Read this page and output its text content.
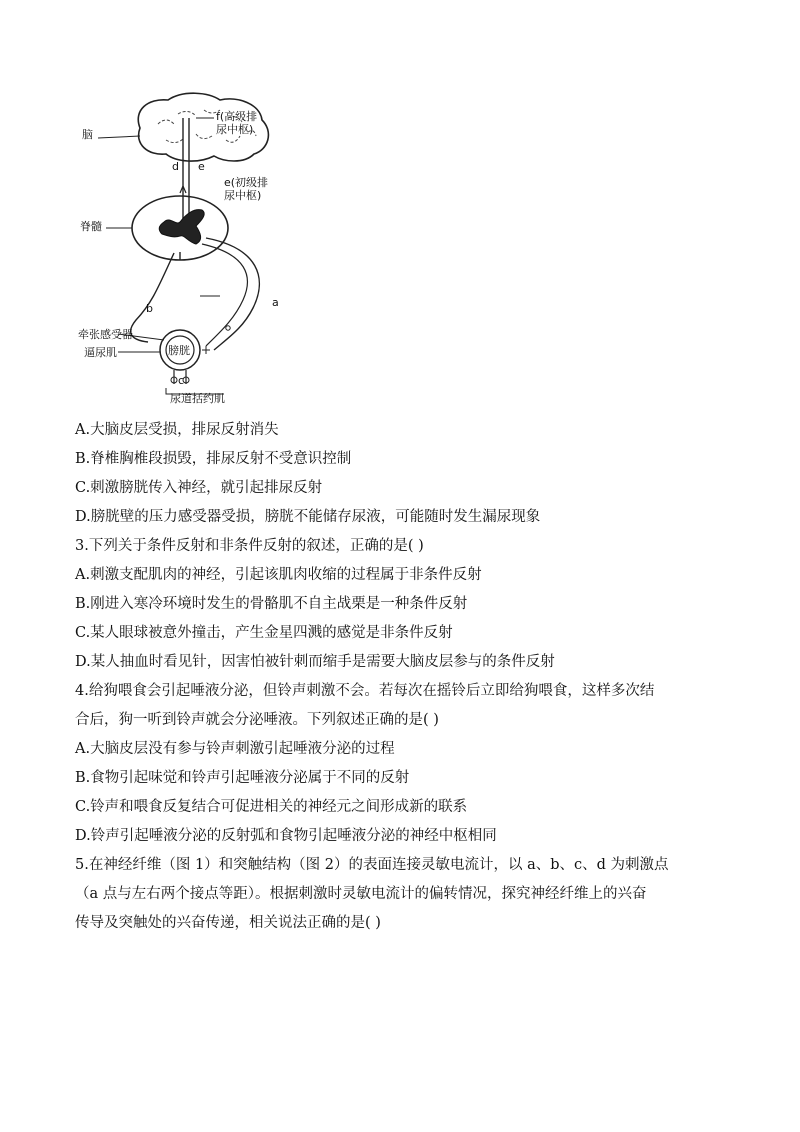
脑
f(高级排
尿中枢)
d e
e(初级排
尿中枢)
脊髓
b	a
牵张感受器
逼尿肌	膀胱
c
尿道括约肌
A.大脑皮层受损，排尿反射消失
B.脊椎胸椎段损毁，排尿反射不受意识控制
C.刺激膀胱传入神经，就引起排尿反射
D.膀胱壁的压力感受器受损，膀胱不能储存尿液，可能随时发生漏尿现象
3.下列关于条件反射和非条件反射的叙述，正确的是( )
A.刺激支配肌肉的神经，引起该肌肉收缩的过程属于非条件反射
B.刚进入寒冷环境时发生的骨骼肌不自主战栗是一种条件反射
C.某人眼球被意外撞击，产生金星四溅的感觉是非条件反射
D.某人抽血时看见针，因害怕被针刺而缩手是需要大脑皮层参与的条件反射
4.给狗喂食会引起唾液分泌，但铃声刺激不会。若每次在摇铃后立即给狗喂食，这样多次结
合后，狗一听到铃声就会分泌唾液。下列叙述正确的是( )
A.大脑皮层没有参与铃声刺激引起唾液分泌的过程
B.食物引起味觉和铃声引起唾液分泌属于不同的反射
C.铃声和喂食反复结合可促进相关的神经元之间形成新的联系
D.铃声引起唾液分泌的反射弧和食物引起唾液分泌的神经中枢相同
5.在神经纤维（图 1）和突触结构（图 2）的表面连接灵敏电流计，以 a、b、c、d 为刺激点
（a 点与左右两个接点等距）。根据刺激时灵敏电流计的偏转情况，探究神经纤维上的兴奋
传导及突触处的兴奋传递，相关说法正确的是( )
